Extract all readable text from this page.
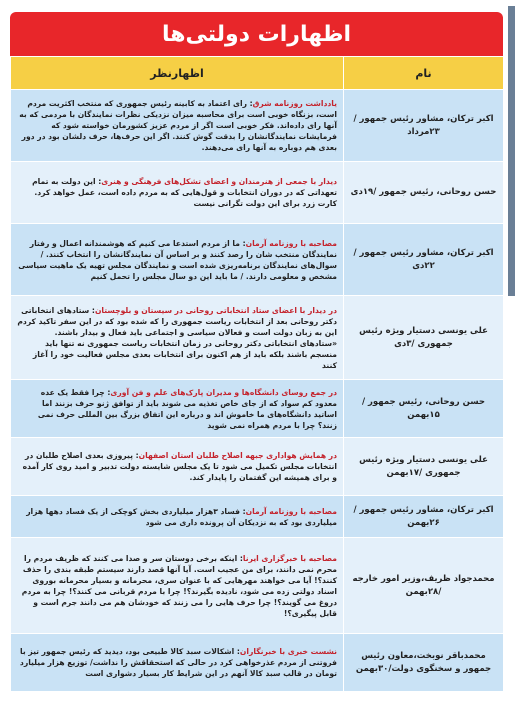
اظهارات دولتی‌ها
نام	اظهارنظر
اکبر ترکان، مشاور رئیس جمهور /۲۳مرداد	یادداشت روزنامه شرق: رای اعتماد به کابینه رئیس جمهوری که منتخب اکثریت مردم است، بزنگاه خوبی است برای محاسبه میزان نزدیکی نظرات نمایندگان با مردمی که به آنها رای داده‌اند. فکر خوبی است اگر از مردم عزیز کشورمان خواسته شود که فرمایشات نمایندگانشان را بدقت گوش کنند. اگر این حرف‌ها، حرف دلشان بود در دور بعدی هم دوباره به آنها رای می‌دهند.
حسن روحانی، رئیس جمهور /۱۹دی	دیدار با جمعی از هنرمندان و اعضای تشکل‌های فرهنگی و هنری: این دولت به تمام تعهداتی که در دوران انتخابات و قول‌هایی که به مردم داده است، عمل خواهد کرد. کارت زرد برای این دولت تگرانی نیست
اکبر ترکان، مشاور رئیس جمهور /۲۲دی	مصاحبه با روزنامه آرمان: ما از مردم استدعا می کنیم که هوشمندانه اعمال و رفتار نمایندگان منتخب شان را رصد کنند و بر اساس آن نمایندگانشان را انتخاب کنند. /سوال‌های نمایندگان برنامه‌ریزی شده است و نمایندگان مجلس تهیه یک ماهیت سیاسی مشخص و معلومی دارند. / ما باید این دو سال مجلس را تحمل کنیم
علی یونسی دستیار ویژه رئیس جمهوری /۳دی	در دیدار با اعضای ستاد انتخاباتی روحانی در سیستان و بلوچستان: ستادهای انتخاباتی دکتر روحانی بعد از انتخابات ریاست جمهوری را که شده بود که در این سفر تاکید کردم این به زبان دولت است و فعالان سیاسی و اجتماعی باید فعال و بیدار باشند. «ستادهای انتخاباتی دکتر روحانی در زمان انتخابات ریاست جمهوری نه تنها باید منسجم باشند بلکه باید از هم اکنون برای انتخابات بعدی مجلس فعالیت خود را آغاز کنند
حسن روحانی، رئیس جمهور /۱۵بهمن	در جمع روسای دانشگاه‌ها و مدیران پارک‌های علم و فن آوری: چرا فقط یک عده معدود کم سواد که از جای خاص تغذیه می شوند باید از توافق ژنو حرف بزنند اما اساتید دانشگاه‌های ما خاموش اند و درباره این اتفاق بزرگ بین المللی حرف نمی زنند؟ چرا با مردم همراه نمی شوید
علی یونسی دستیار ویژه رئیس جمهوری /۱۷بهمن	در همایش هواداری جبهه اصلاح طلبان استان اصفهان: پیروزی بعدی اصلاح طلبان در انتخابات مجلس تکمیل می شود تا یک مجلس شایسته دولت تدبیر و امید روی کار آمده و برای همیشه این گفتمان را پایدار کند.
اکبر ترکان، مشاور رئیس جمهور / ۲۶بهمن	مصاحبه با روزنامه آرمان: فساد ۳هزار میلیاردی بخش کوچکی از یک فساد دهها هزار میلیاردی بود که به نزدیکان آن پرونده داری می شود
محمدجواد ظریف،وزیر امور خارجه /۲۸بهمن	مصاحبه با خبرگزاری ایرنا: اینکه برخی دوستان سر و صدا می کنند که ظریف مردم را محرم نمی دانند، برای من عجیب است. آیا آنها قصد دارند سیستم طبقه بندی را حذف کنند؟! آیا می خواهند مهرهایی که با عنوان سری، محرمانه و بسیار محرمانه بوروی اسناد دولتی زده می شود، نادیده بگیرند؟! چرا با مردم قربانی می کنند؟! چرا به مردم دروغ می گویند؟! چرا حرف هایی را می زنند که خودشان هم می دانند جرم است و قابل پیگیری؟!
محمدباقر نوبخت،معاون رئیس جمهور و سخنگوی دولت/۳۰بهمن	نشست خبری با خبرنگاران: اشکالات سبد کالا طبیعی بود، دیدید که رئیس جمهور تیز با فروتنی از مردم عذرخواهی کرد در حالی که استحقاقش را نداشت/ توزیع هزار میلیارد تومان در قالب سبد کالا آنهم در این شرایط کار بسیار دشواری است
